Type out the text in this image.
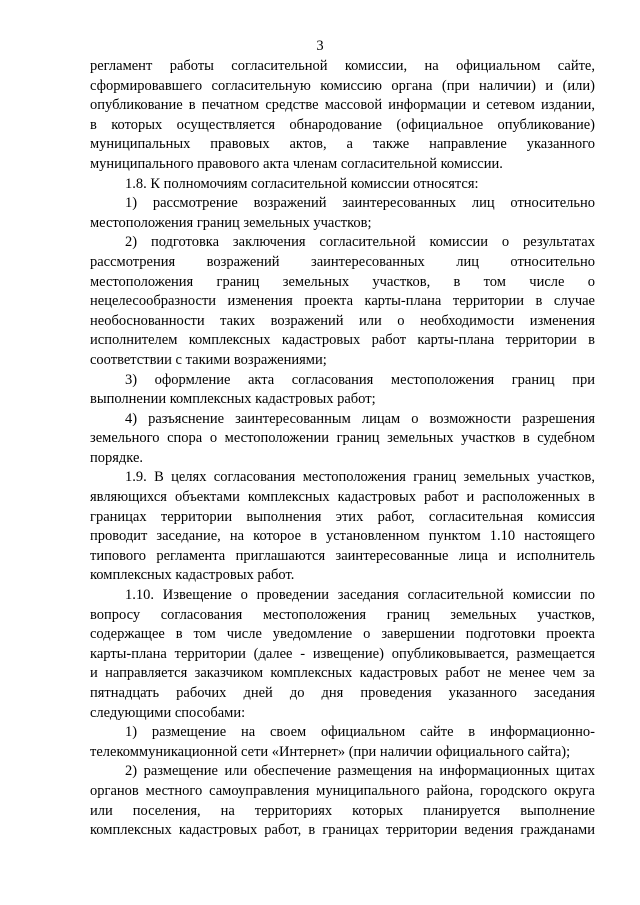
3
регламент работы согласительной комиссии, на официальном сайте,
сформировавшего согласительную комиссию органа (при наличии) и (или)
опубликование в печатном средстве массовой информации и сетевом издании,
в которых осуществляется обнародование (официальное опубликование)
муниципальных правовых актов, а также направление указанного
муниципального правового акта членам согласительной комиссии.
1.8. К полномочиям согласительной комиссии относятся:
1) рассмотрение возражений заинтересованных лиц относительно
местоположения границ земельных участков;
2) подготовка заключения согласительной комиссии о результатах
рассмотрения возражений заинтересованных лиц относительно
местоположения границ земельных участков, в том числе о
нецелесообразности изменения проекта карты-плана территории в случае
необоснованности таких возражений или о необходимости изменения
исполнителем комплексных кадастровых работ карты-плана территории в
соответствии с такими возражениями;
3) оформление акта согласования местоположения границ при
выполнении комплексных кадастровых работ;
4) разъяснение заинтересованным лицам о возможности разрешения
земельного спора о местоположении границ земельных участков в судебном
порядке.
1.9. В целях согласования местоположения границ земельных участков,
являющихся объектами комплексных кадастровых работ и расположенных в
границах территории выполнения этих работ, согласительная комиссия
проводит заседание, на которое в установленном пунктом 1.10 настоящего
типового регламента приглашаются заинтересованные лица и исполнитель
комплексных кадастровых работ.
1.10. Извещение о проведении заседания согласительной комиссии по
вопросу согласования местоположения границ земельных участков,
содержащее в том числе уведомление о завершении подготовки проекта
карты-плана территории (далее - извещение) опубликовывается, размещается
и направляется заказчиком комплексных кадастровых работ не менее чем за
пятнадцать рабочих дней до дня проведения указанного заседания
следующими способами:
1) размещение на своем официальном сайте в информационно-
телекоммуникационной сети «Интернет» (при наличии официального сайта);
2) размещение или обеспечение размещения на информационных щитах
органов местного самоуправления муниципального района, городского округа
или поселения, на территориях которых планируется выполнение
комплексных кадастровых работ, в границах территории ведения гражданами
